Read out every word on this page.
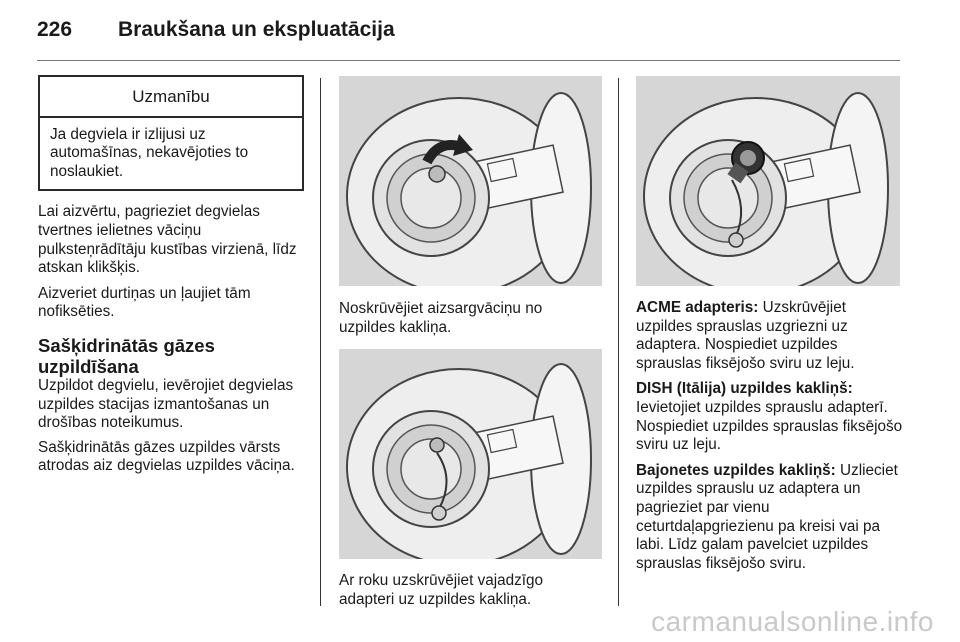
226 Braukšana un ekspluatācija
Uzmanību
Ja degviela ir izlijusi uz automašīnas, nekavējoties to noslaukiet.

Lai aizvērtu, pagrieziet degvielas tvertnes ielietnes vāciņu pulksteņrādītāju kustības virzienā, līdz atskan klikšķis.

Aizveriet durtiņas un ļaujiet tām nofiksēties.

Sašķidrinātās gāzes uzpildīšana

Uzpildot degvielu, ievērojiet degvielas uzpildes stacijas izmantošanas un drošības noteikumus.

Sašķidrinātās gāzes uzpildes vārsts atrodas aiz degvielas uzpildes vāciņa.

Noskrūvējiet aizsargvāciņu no uzpildes kakliņa.

Ar roku uzskrūvējiet vajadzīgo adapteri uz uzpildes kakliņa.

ACME adapteris: Uzskrūvējiet uzpildes sprauslas uzgriezni uz adaptera. Nospiediet uzpildes sprauslas fiksējošo sviru uz leju.

DISH (Itālija) uzpildes kakliņš:
Ievietojiet uzpildes sprauslu adapterī. Nospiediet uzpildes sprauslas fiksējošo sviru uz leju.

Bajonetes uzpildes kakliņš: Uzlieciet uzpildes sprauslu uz adaptera un pagrieziet par vienu ceturtdaļapgriezienu pa kreisi vai pa labi. Līdz galam pavelciet uzpildes sprauslas fiksējošo sviru.

carmanualsonline.info
